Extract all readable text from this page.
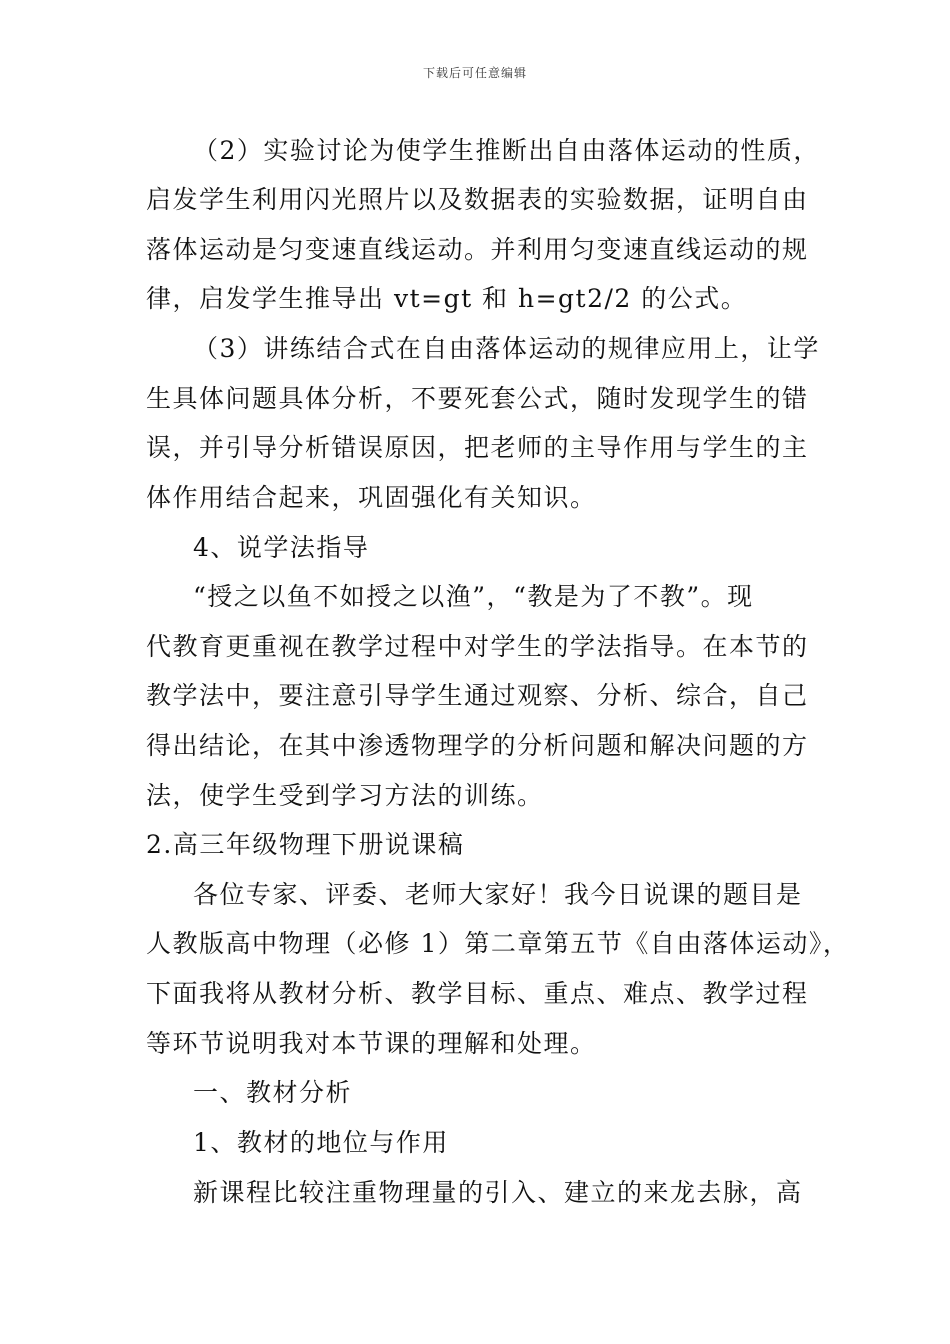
下载后可任意编辑
（2）实验讨论为使学生推断出自由落体运动的性质，
启发学生利用闪光照片以及数据表的实验数据，证明自由
落体运动是匀变速直线运动。并利用匀变速直线运动的规
律，启发学生推导出 vt=gt 和 h=gt2/2 的公式。
（3）讲练结合式在自由落体运动的规律应用上，让学
生具体问题具体分析，不要死套公式，随时发现学生的错
误，并引导分析错误原因，把老师的主导作用与学生的主
体作用结合起来，巩固强化有关知识。
4、说学法指导
“授之以鱼不如授之以渔”，“教是为了不教”。现
代教育更重视在教学过程中对学生的学法指导。在本节的
教学法中，要注意引导学生通过观察、分析、综合，自己
得出结论，在其中渗透物理学的分析问题和解决问题的方
法，使学生受到学习方法的训练。
2.高三年级物理下册说课稿
各位专家、评委、老师大家好！我今日说课的题目是
人教版高中物理（必修 1）第二章第五节《自由落体运动》，
下面我将从教材分析、教学目标、重点、难点、教学过程
等环节说明我对本节课的理解和处理。
一、教材分析
1、教材的地位与作用
新课程比较注重物理量的引入、建立的来龙去脉，高
